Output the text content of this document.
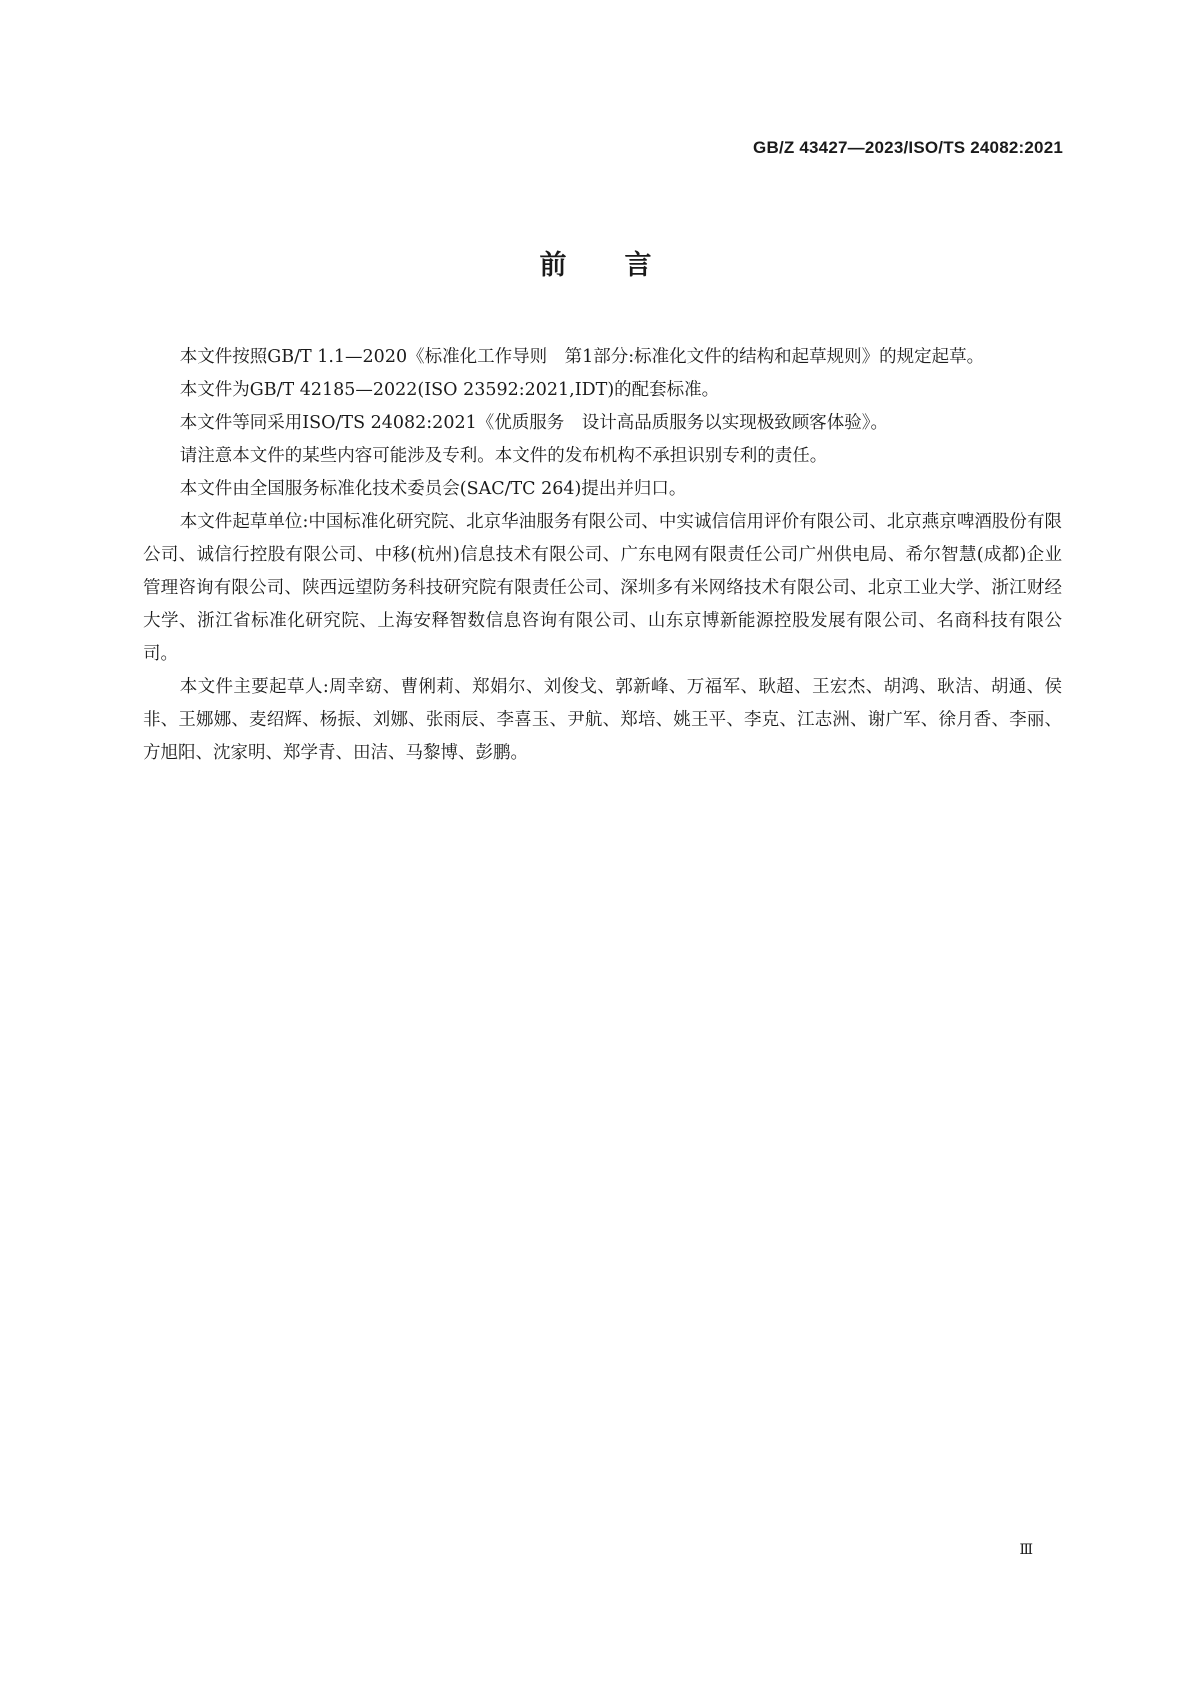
GB/Z 43427—2023/ISO/TS 24082:2021
前言

本文件按照GB/T 1.1—2020《标准化工作导则　第1部分:标准化文件的结构和起草规则》的规定起草。

本文件为GB/T 42185—2022(ISO 23592:2021,IDT)的配套标准。

本文件等同采用ISO/TS 24082:2021《优质服务　设计高品质服务以实现极致顾客体验》。

请注意本文件的某些内容可能涉及专利。本文件的发布机构不承担识别专利的责任。

本文件由全国服务标准化技术委员会(SAC/TC 264)提出并归口。

本文件起草单位:中国标准化研究院、北京华油服务有限公司、中实诚信信用评价有限公司、北京燕京啤酒股份有限公司、诚信行控股有限公司、中移(杭州)信息技术有限公司、广东电网有限责任公司广州供电局、希尔智慧(成都)企业管理咨询有限公司、陕西远望防务科技研究院有限责任公司、深圳多有米网络技术有限公司、北京工业大学、浙江财经大学、浙江省标准化研究院、上海安释智数信息咨询有限公司、山东京博新能源控股发展有限公司、名商科技有限公司。

本文件主要起草人:周幸窈、曹俐莉、郑娟尔、刘俊戈、郭新峰、万福军、耿超、王宏杰、胡鸿、耿洁、胡通、侯非、王娜娜、麦绍辉、杨振、刘娜、张雨辰、李喜玉、尹航、郑培、姚王平、李克、江志洲、谢广军、徐月香、李丽、方旭阳、沈家明、郑学青、田洁、马黎博、彭鹏。

Ⅲ
